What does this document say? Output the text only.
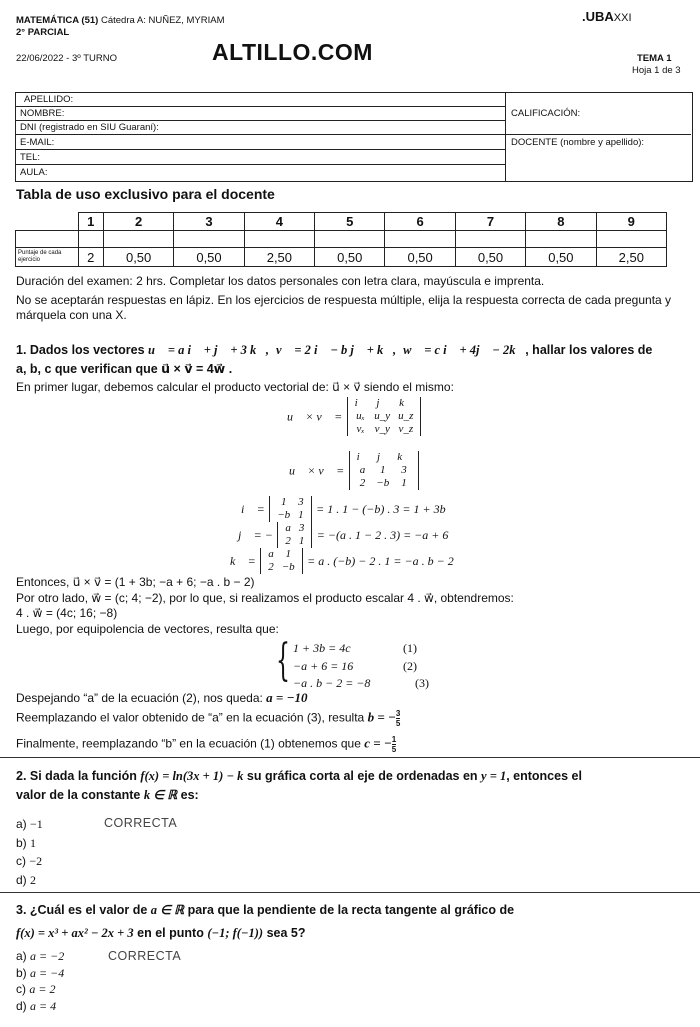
MATEMÁTICA (51) Cátedra A: NUÑEZ, MYRIAM
2° PARCIAL
22/06/2022 - 3º TURNO	ALTILLO.COM
.UBAXXI
TEMA 1
Hoja 1 de 3
APELLIDO:
NOMBRE:
DNI (registrado en SIU Guaraní):
E-MAIL:
TEL:
AULA:
CALIFICACIÓN:
DOCENTE (nombre y apellido):
Tabla de uso exclusivo para el docente
	1	2	3	4	5	6	7	8	9

Puntaje de cada ejercicio	2	0,50	0,50	2,50	0,50	0,50	0,50	0,50	2,50
Duración del examen: 2 hrs. Completar los datos personales con letra clara, mayúscula e imprenta.
No se aceptarán respuestas en lápiz. En los ejercicios de respuesta múltiple, elija la respuesta correcta de cada pregunta y márquela con una X.
1. Dados los vectores u⃗ = a i⃗ + j⃗ + 3 k⃗, v⃗ = 2 i⃗ − b j⃗ + k⃗, w⃗ = c i⃗ + 4j⃗ − 2k⃗, hallar los valores de
a, b, c que verifican que u⃗ × v⃗ = 4w⃗ .
En primer lugar, debemos calcular el producto vectorial de: u⃗ × v⃗ siendo el mismo:
u⃗ × v⃗ =
i⃗	j⃗	k⃗
uₓ	u_y	u_z
vₓ	v_y	v_z
u⃗ × v⃗ =
i⃗	j⃗	k⃗
a	1	3
2	−b	1
i⃗ =
1	3
−b	1 = 1 . 1 − (−b) . 3 = 1 + 3b
j⃗ = −
a	3
2	1 = −(a . 1 − 2 . 3) = −a + 6
k⃗ =
a	1
2	−b = a . (−b) − 2 . 1 = −a . b − 2
Entonces, u⃗ × v⃗ = (1 + 3b; −a + 6; −a . b − 2)
Por otro lado, w⃗ = (c; 4; −2), por lo que, si realizamos el producto escalar 4 . w⃗, obtendremos:
4 . w⃗ = (4c; 16; −8)
Luego, por equipolencia de vectores, resulta que:
{ 1 + 3b = 4c
−a + 6 = 16
−a . b − 2 = −8
(1)
(2)
(3)
Despejando “a” de la ecuación (2), nos queda: a = −10
Reemplazando el valor obtenido de “a” en la ecuación (3), resulta b = − $\frac{3}{5}$
Finalmente, reemplazando “b” en la ecuación (1) obtenemos que c = − $\frac{1}{5}$
2. Si dada la función f(x) = ln(3x + 1) − k su gráfica corta al eje de ordenadas en y = 1, entonces el
valor de la constante k ∈ ℝ es:
a) −1
b) 1
c) −2
d) 2
CORRECTA
3. ¿Cuál es el valor de a ∈ ℝ para que la pendiente de la recta tangente al gráfico de
f(x) = x³ + ax² − 2x + 3 en el punto (−1; f(−1)) sea 5?
a) a = −2
b) a = −4
c) a = 2
d) a = 4
CORRECTA
